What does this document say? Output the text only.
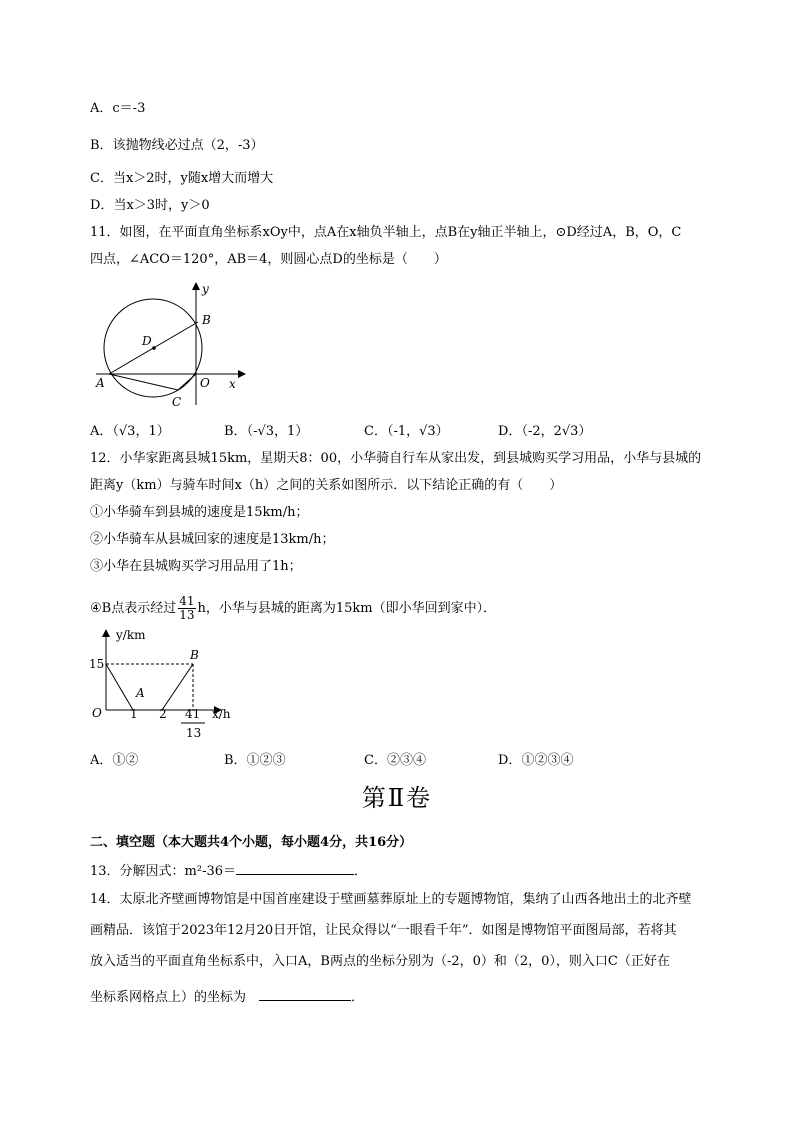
A．c＝-3
B．该抛物线必过点（2，-3）
C．当x＞2时，y随x增大而增大
D．当x＞3时，y＞0
11．如图，在平面直角坐标系xOy中，点A在x轴负半轴上，点B在y轴正半轴上，⊙D经过A，B，O，C
四点，∠ACO＝120°，AB＝4，则圆心点D的坐标是（　　）
y
x
A
B
C
D
O
A．（√3，1）	B．（-√3，1）	C．（-1，√3）	D．（-2，2√3）
12．小华家距离县城15km，星期天8：00，小华骑自行车从家出发，到县城购买学习用品，小华与县城的
距离y（km）与骑车时间x（h）之间的关系如图所示．以下结论正确的有（　　）
①小华骑车到县城的速度是15km/h；
②小华骑车从县城回家的速度是13km/h；
③小华在县城购买学习用品用了1h；
④B点表示经过 $\frac{41}{13}$ h，小华与县城的距离为15km（即小华回到家中）．
y/km
x/h
15
O 1 2 41
13
A
B
A．①②	B．①②③	C．②③④	D．①②③④
第Ⅱ卷
二、填空题（本大题共4个小题，每小题4分，共16分）
13．分解因式：m²-36＝	．
14．太原北齐壁画博物馆是中国首座建设于壁画墓葬原址上的专题博物馆，集纳了山西各地出土的北齐壁
画精品．该馆于2023年12月20日开馆，让民众得以“一眼看千年”．如图是博物馆平面图局部，若将其
放入适当的平面直角坐标系中，入口A，B两点的坐标分别为（-2，0）和（2，0），则入口C（正好在
坐标系网格点上）的坐标为 	．
